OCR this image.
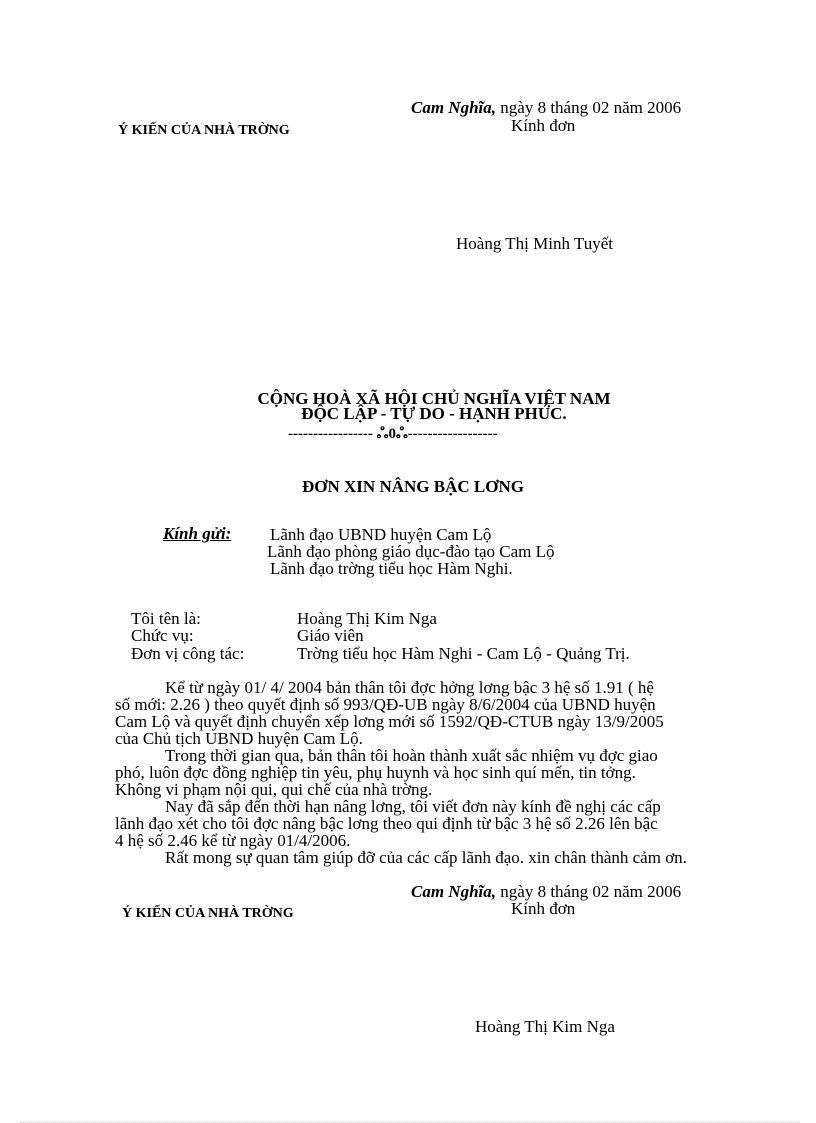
Cam Nghĩa, ngày 8 tháng 02 năm 2006
Ý KIẾN CỦA NHÀ TRỜNG	Kính đơn
Hoàng Thị Minh Tuyết
CỘNG HOÀ XÃ HỘI CHỦ NGHĨA VIỆT NAM
ĐỘC LẬP - TỰ DO - HẠNH PHÚC.
----------------- ஃ0ஃ------------------
ĐƠN XIN NÂNG BẬC LƠNG
Kính gửi: Lãnh đạo UBND huyện Cam Lộ
Lãnh đạo phòng giáo dục-đào tạo Cam Lộ
Lãnh đạo trờng tiểu học Hàm Nghi.
Tôi tên là:	Hoàng Thị Kim Nga
Chức vụ:	Giáo viên
Đơn vị công tác:	Trờng tiểu học Hàm Nghi - Cam Lộ - Quảng Trị.
Kể từ ngày 01/ 4/ 2004 bản thân tôi đợc hởng lơng bậc 3 hệ số 1.91 ( hệ
số mới: 2.26 ) theo quyết định số 993/QĐ-UB ngày 8/6/2004 của UBND huyện
Cam Lộ và quyết định chuyển xếp lơng mới số 1592/QĐ-CTUB ngày 13/9/2005
của Chủ tịch UBND huyện Cam Lộ.
Trong thời gian qua, bản thân tôi hoàn thành xuất sắc nhiệm vụ đợc giao
phó, luôn đợc đồng nghiệp tin yêu, phụ huynh và học sinh quí mến, tin tởng.
Không vi phạm nội qui, qui chế của nhà trờng.
Nay đã sắp đến thời hạn nâng lơng, tôi viết đơn này kính đề nghị các cấp
lãnh đạo xét cho tôi đợc nâng bậc lơng theo qui định từ bậc 3 hệ số 2.26 lên bậc
4 hệ số 2.46 kể từ ngày 01/4/2006.
Rất mong sự quan tâm giúp đỡ của các cấp lãnh đạo. xin chân thành cảm ơn.
Cam Nghĩa, ngày 8 tháng 02 năm 2006
Ý KIẾN CỦA NHÀ TRỜNG	Kính đơn
Hoàng Thị Kim Nga
